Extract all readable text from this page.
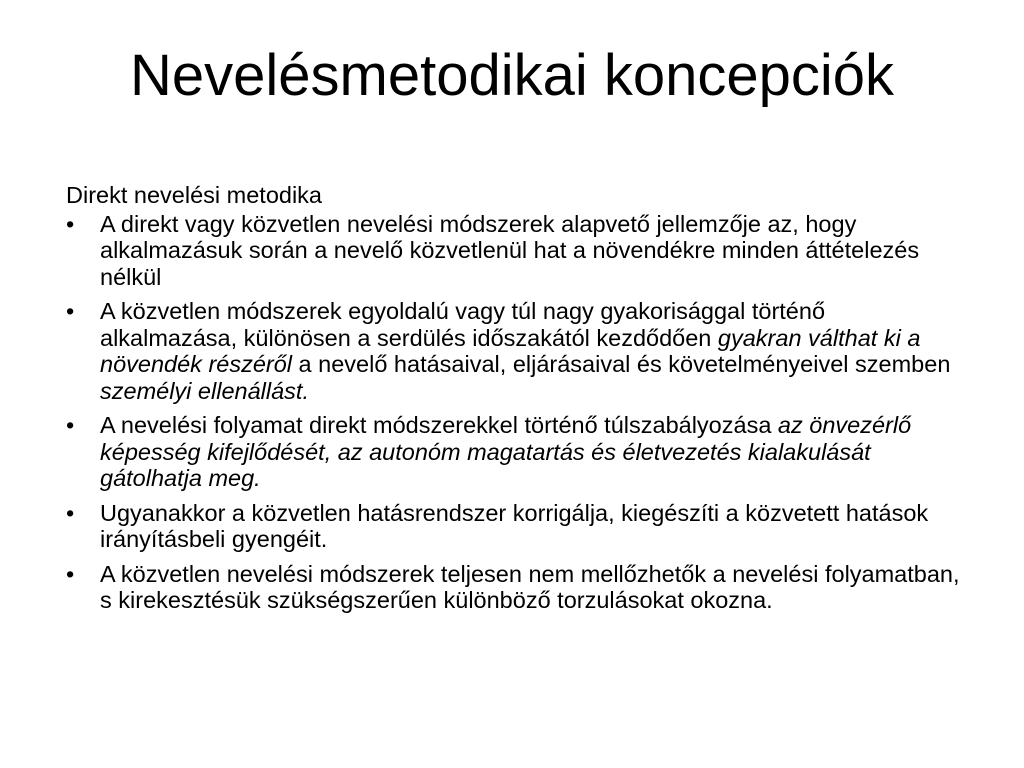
Nevelésmetodikai koncepciók
Direkt nevelési metodika
• A direkt vagy közvetlen nevelési módszerek alapvető jellemzője az, hogy alkalmazásuk során a nevelő közvetlenül hat a növendékre minden áttételezés nélkül
• A közvetlen módszerek egyoldalú vagy túl nagy gyakorisággal történő alkalmazása, különösen a serdülés időszakától kezdődően gyakran válthat ki a növendék részéről a nevelő hatásaival, eljárásaival és követelményeivel szemben személyi ellenállást.
• A nevelési folyamat direkt módszerekkel történő túlszabályozása az önvezérlő képesség kifejlődését, az autonóm magatartás és életvezetés kialakulását gátolhatja meg.
• Ugyanakkor a közvetlen hatásrendszer korrigálja, kiegészíti a közvetett hatások irányításbeli gyengéit.
• A közvetlen nevelési módszerek teljesen nem mellőzhetők a nevelési folyamatban, s kirekesztésük szükségszerűen különböző torzulásokat okozna.
